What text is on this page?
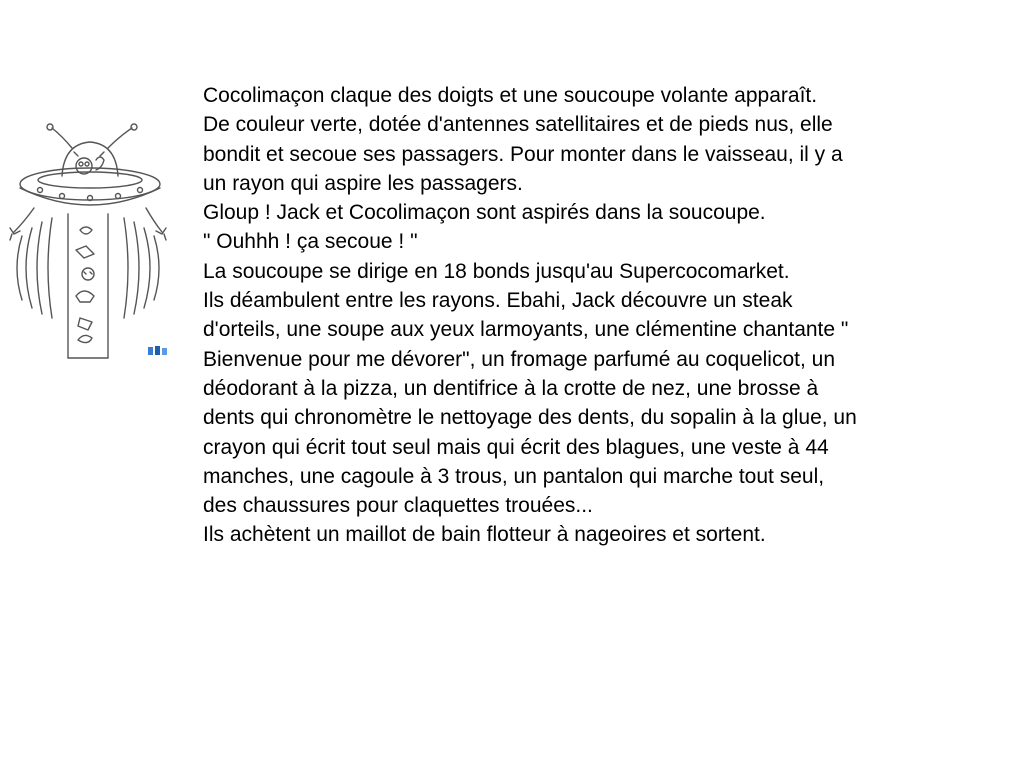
Cocolimaçon claque des doigts et une soucoupe volante apparaît.
De couleur verte, dotée d'antennes satellitaires et de pieds nus, elle
bondit et secoue ses passagers. Pour monter dans le vaisseau, il y a
un rayon qui aspire les passagers.
Gloup ! Jack et Cocolimaçon sont aspirés dans la soucoupe.
" Ouhhh ! ça secoue ! "
La soucoupe se dirige en 18 bonds jusqu'au Supercocomarket.
Ils déambulent entre les rayons. Ebahi, Jack découvre un steak
d'orteils, une soupe aux yeux larmoyants, une clémentine chantante "
Bienvenue pour me dévorer", un fromage parfumé au coquelicot, un
déodorant à la pizza, un dentifrice à la crotte de nez, une brosse à
dents qui chronomètre le nettoyage des dents, du sopalin à la glue, un
crayon qui écrit tout seul mais qui écrit des blagues, une veste à 44
manches, une cagoule à 3 trous, un pantalon qui marche tout seul,
des chaussures pour claquettes trouées...
Ils achètent un maillot de bain flotteur à nageoires et sortent.
